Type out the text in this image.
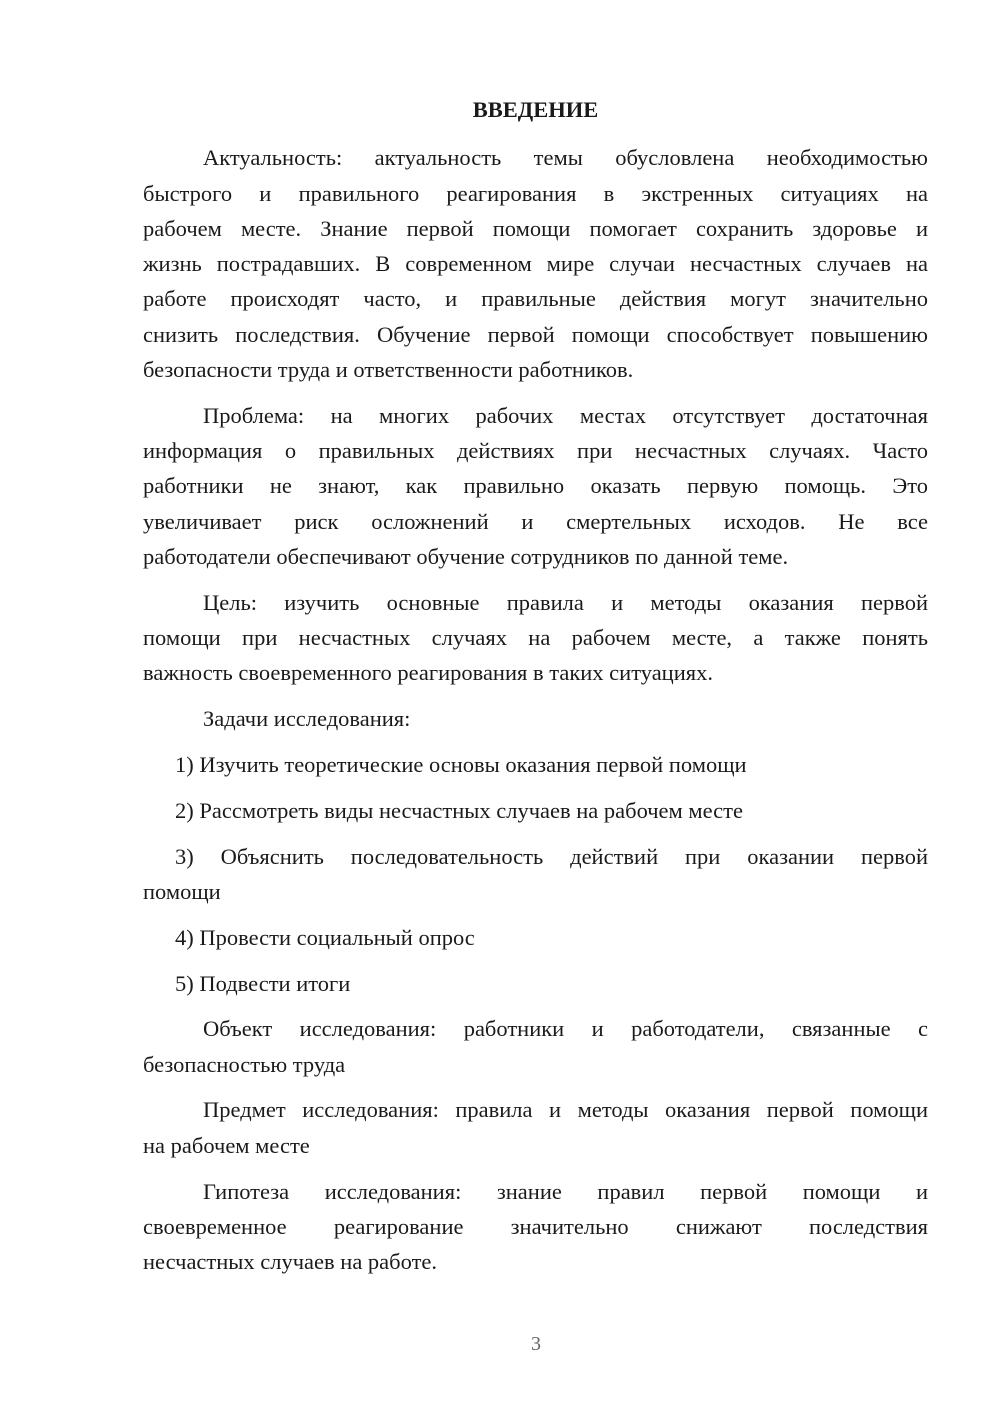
ВВЕДЕНИЕ
Актуальность: актуальность темы обусловлена необходимостью
быстрого и правильного реагирования в экстренных ситуациях на
рабочем месте. Знание первой помощи помогает сохранить здоровье и
жизнь пострадавших. В современном мире случаи несчастных случаев на
работе происходят часто, и правильные действия могут значительно
снизить последствия. Обучение первой помощи способствует повышению
безопасности труда и ответственности работников.
Проблема: на многих рабочих местах отсутствует достаточная
информация о правильных действиях при несчастных случаях. Часто
работники не знают, как правильно оказать первую помощь. Это
увеличивает риск осложнений и смертельных исходов. Не все
работодатели обеспечивают обучение сотрудников по данной теме.
Цель: изучить основные правила и методы оказания первой
помощи при несчастных случаях на рабочем месте, а также понять
важность своевременного реагирования в таких ситуациях.
Задачи исследования:
1) Изучить теоретические основы оказания первой помощи
2) Рассмотреть виды несчастных случаев на рабочем месте
3) Объяснить последовательность действий при оказании первой
помощи
4) Провести социальный опрос
5) Подвести итоги
Объект исследования: работники и работодатели, связанные с
безопасностью труда
Предмет исследования: правила и методы оказания первой помощи
на рабочем месте
Гипотеза исследования: знание правил первой помощи и
своевременное реагирование значительно снижают последствия
несчастных случаев на работе.
3
